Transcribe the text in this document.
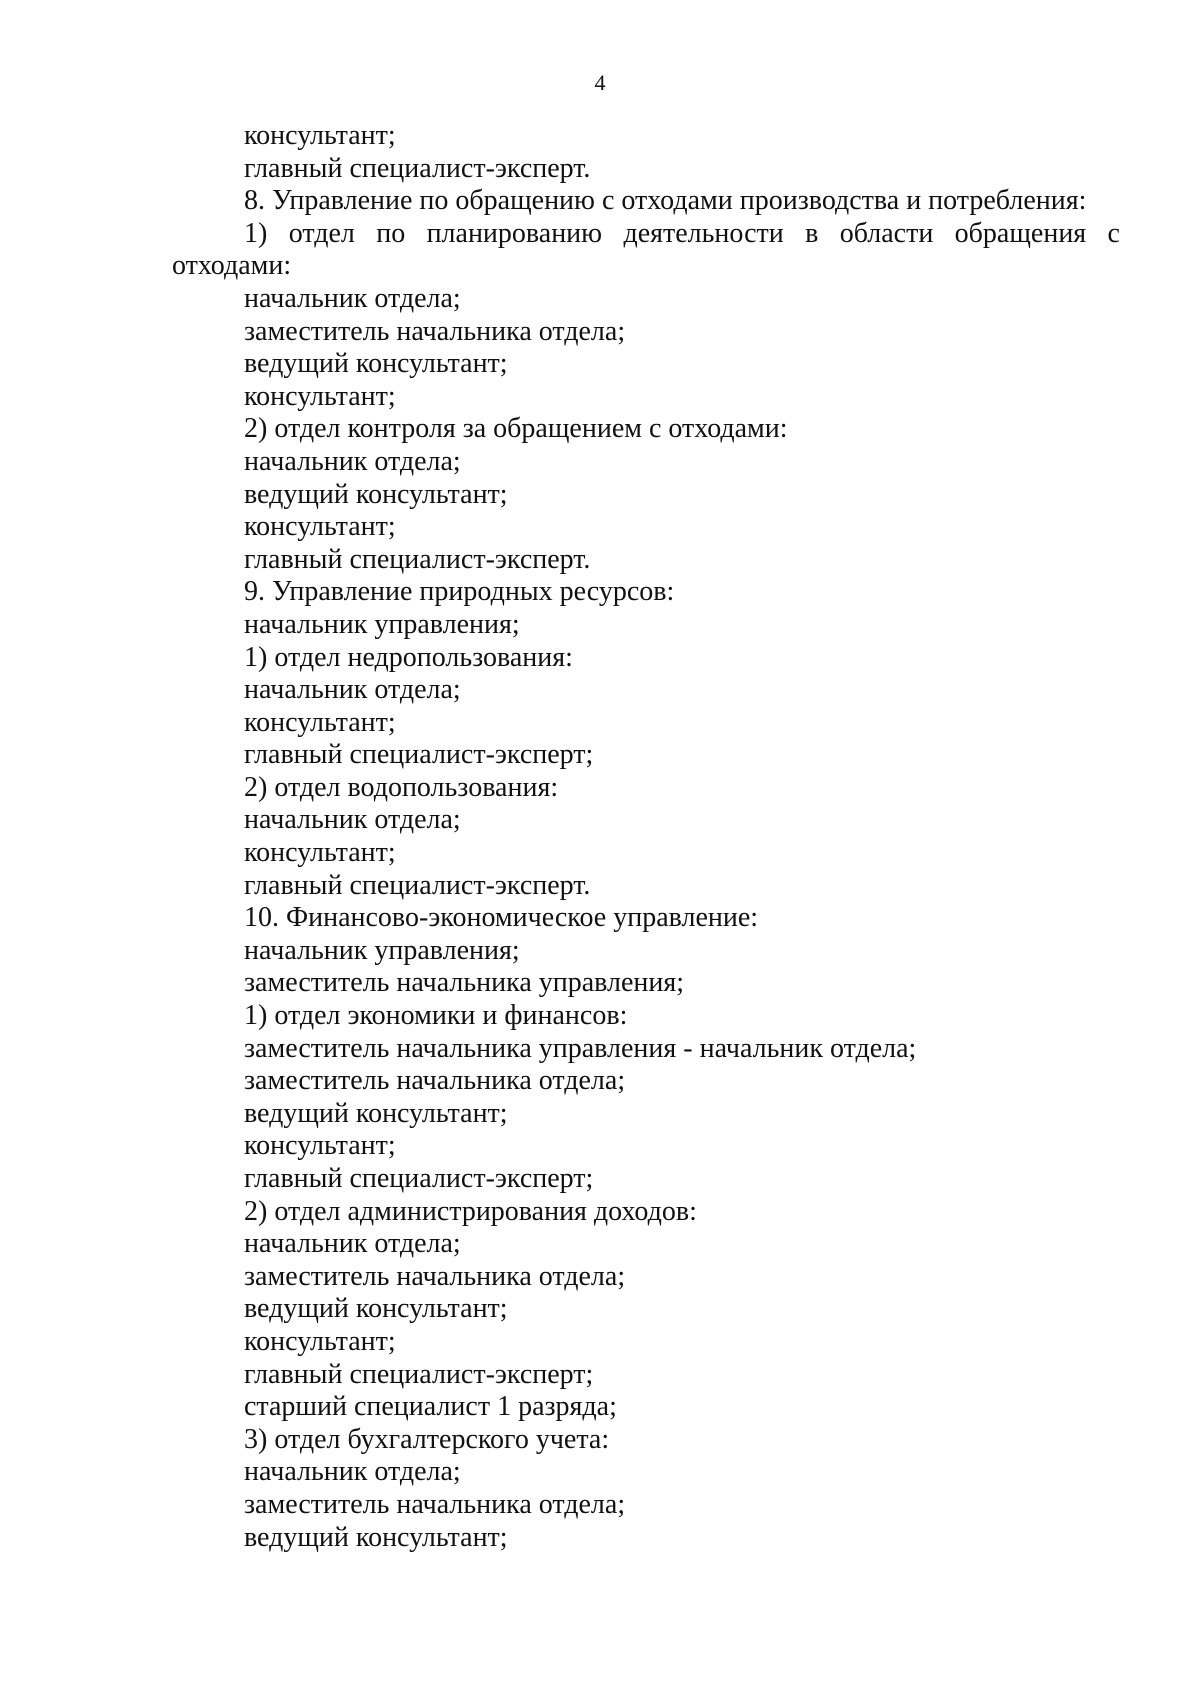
4
консультант;
главный специалист-эксперт.
8. Управление по обращению с отходами производства и потребления:
1) отдел по планированию деятельности в области обращения с
отходами:
начальник отдела;
заместитель начальника отдела;
ведущий консультант;
консультант;
2) отдел контроля за обращением с отходами:
начальник отдела;
ведущий консультант;
консультант;
главный специалист-эксперт.
9. Управление природных ресурсов:
начальник управления;
1) отдел недропользования:
начальник отдела;
консультант;
главный специалист-эксперт;
2) отдел водопользования:
начальник отдела;
консультант;
главный специалист-эксперт.
10. Финансово-экономическое управление:
начальник управления;
заместитель начальника управления;
1) отдел экономики и финансов:
заместитель начальника управления - начальник отдела;
заместитель начальника отдела;
ведущий консультант;
консультант;
главный специалист-эксперт;
2) отдел администрирования доходов:
начальник отдела;
заместитель начальника отдела;
ведущий консультант;
консультант;
главный специалист-эксперт;
старший специалист 1 разряда;
3) отдел бухгалтерского учета:
начальник отдела;
заместитель начальника отдела;
ведущий консультант;
